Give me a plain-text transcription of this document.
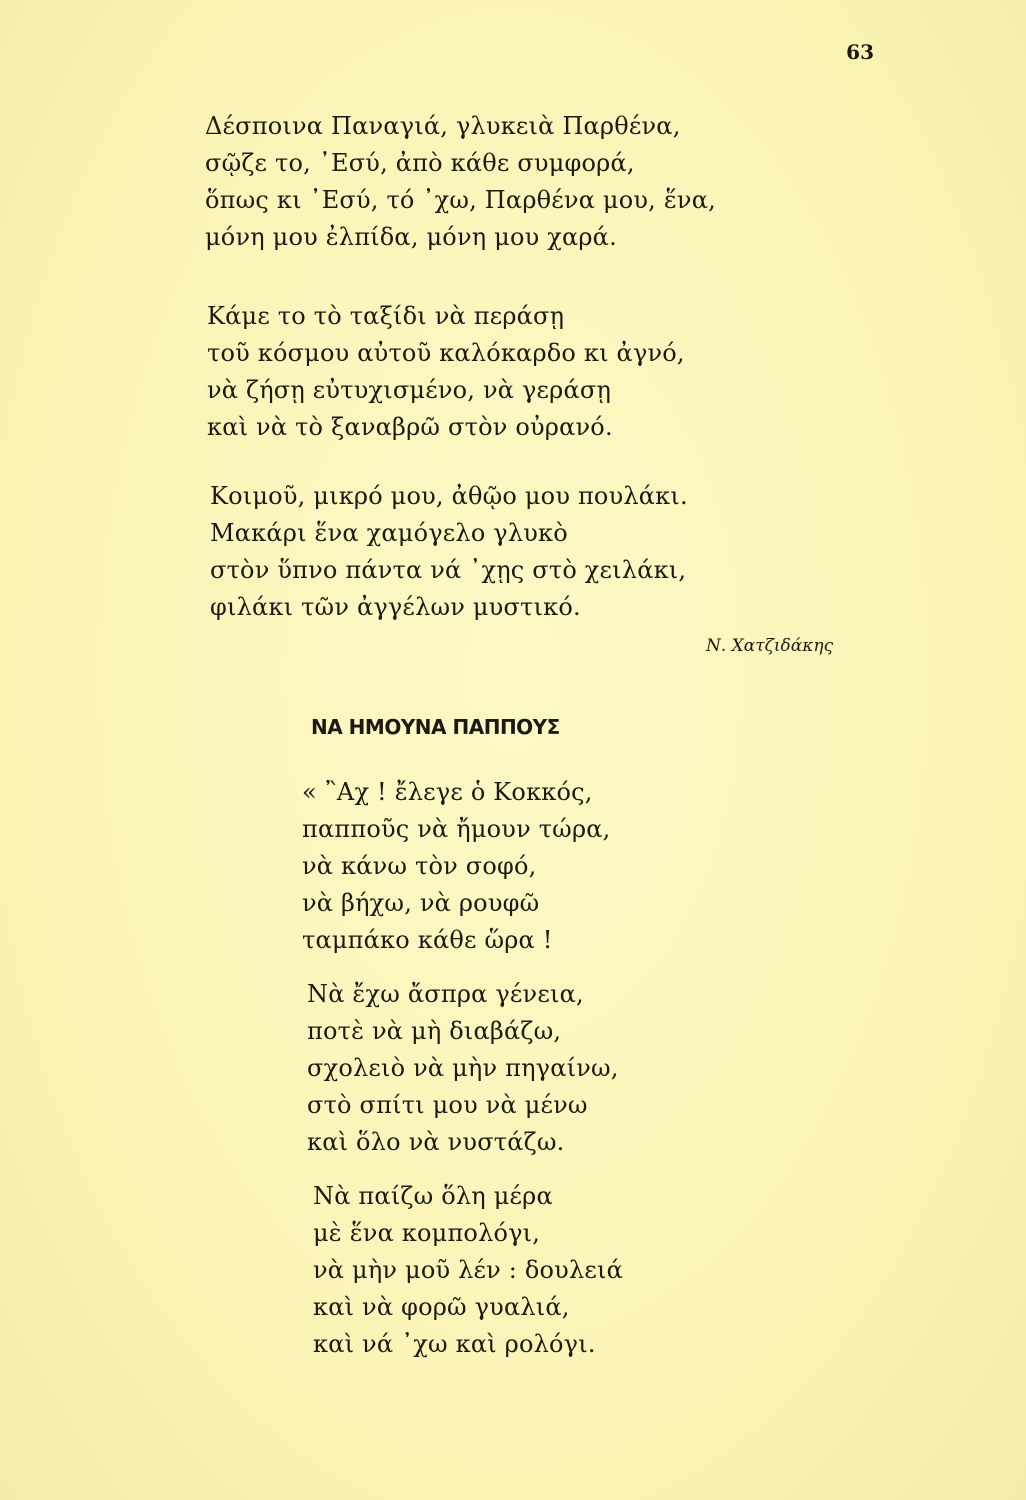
63
Δέσποινα Παναγιά, γλυκειὰ Παρθένα,
σῷζε το, ᾿Εσύ, ἀπὸ κάθε συμφορά,
ὅπως κι ᾿Εσύ, τό ᾿χω, Παρθένα μου, ἕνα,
μόνη μου ἐλπίδα, μόνη μου χαρά.
Κάμε το τὸ ταξίδι νὰ περάσῃ
τοῦ κόσμου αὐτοῦ καλόκαρδο κι ἀγνό,
νὰ ζήσῃ εὐτυχισμένο, νὰ γεράσῃ
καὶ νὰ τὸ ξαναβρῶ στὸν οὐρανό.
Κοιμοῦ, μικρό μου, ἀθῷο μου πουλάκι.
Μακάρι ἕνα χαμόγελο γλυκὸ
στὸν ὕπνο πάντα νά ᾿χῃς στὸ χειλάκι,
φιλάκι τῶν ἀγγέλων μυστικό.
Ν. Χατζιδάκης
ΝΑ ΗΜΟΥΝΑ ΠΑΠΠΟΥΣ
« ῍Αχ ! ἔλεγε ὁ Κοκκός,
παπποῦς νὰ ἤμουν τώρα,
νὰ κάνω τὸν σοφό,
νὰ βήχω, νὰ ρουφῶ
ταμπάκο κάθε ὥρα !
Νὰ ἔχω ἄσπρα γένεια,
ποτὲ νὰ μὴ διαβάζω,
σχολειὸ νὰ μὴν πηγαίνω,
στὸ σπίτι μου νὰ μένω
καὶ ὅλο νὰ νυστάζω.
Νὰ παίζω ὅλη μέρα
μὲ ἕνα κομπολόγι,
νὰ μὴν μοῦ λέν : δουλειά
καὶ νὰ φορῶ γυαλιά,
καὶ νά ᾿χω καὶ ρολόγι.
